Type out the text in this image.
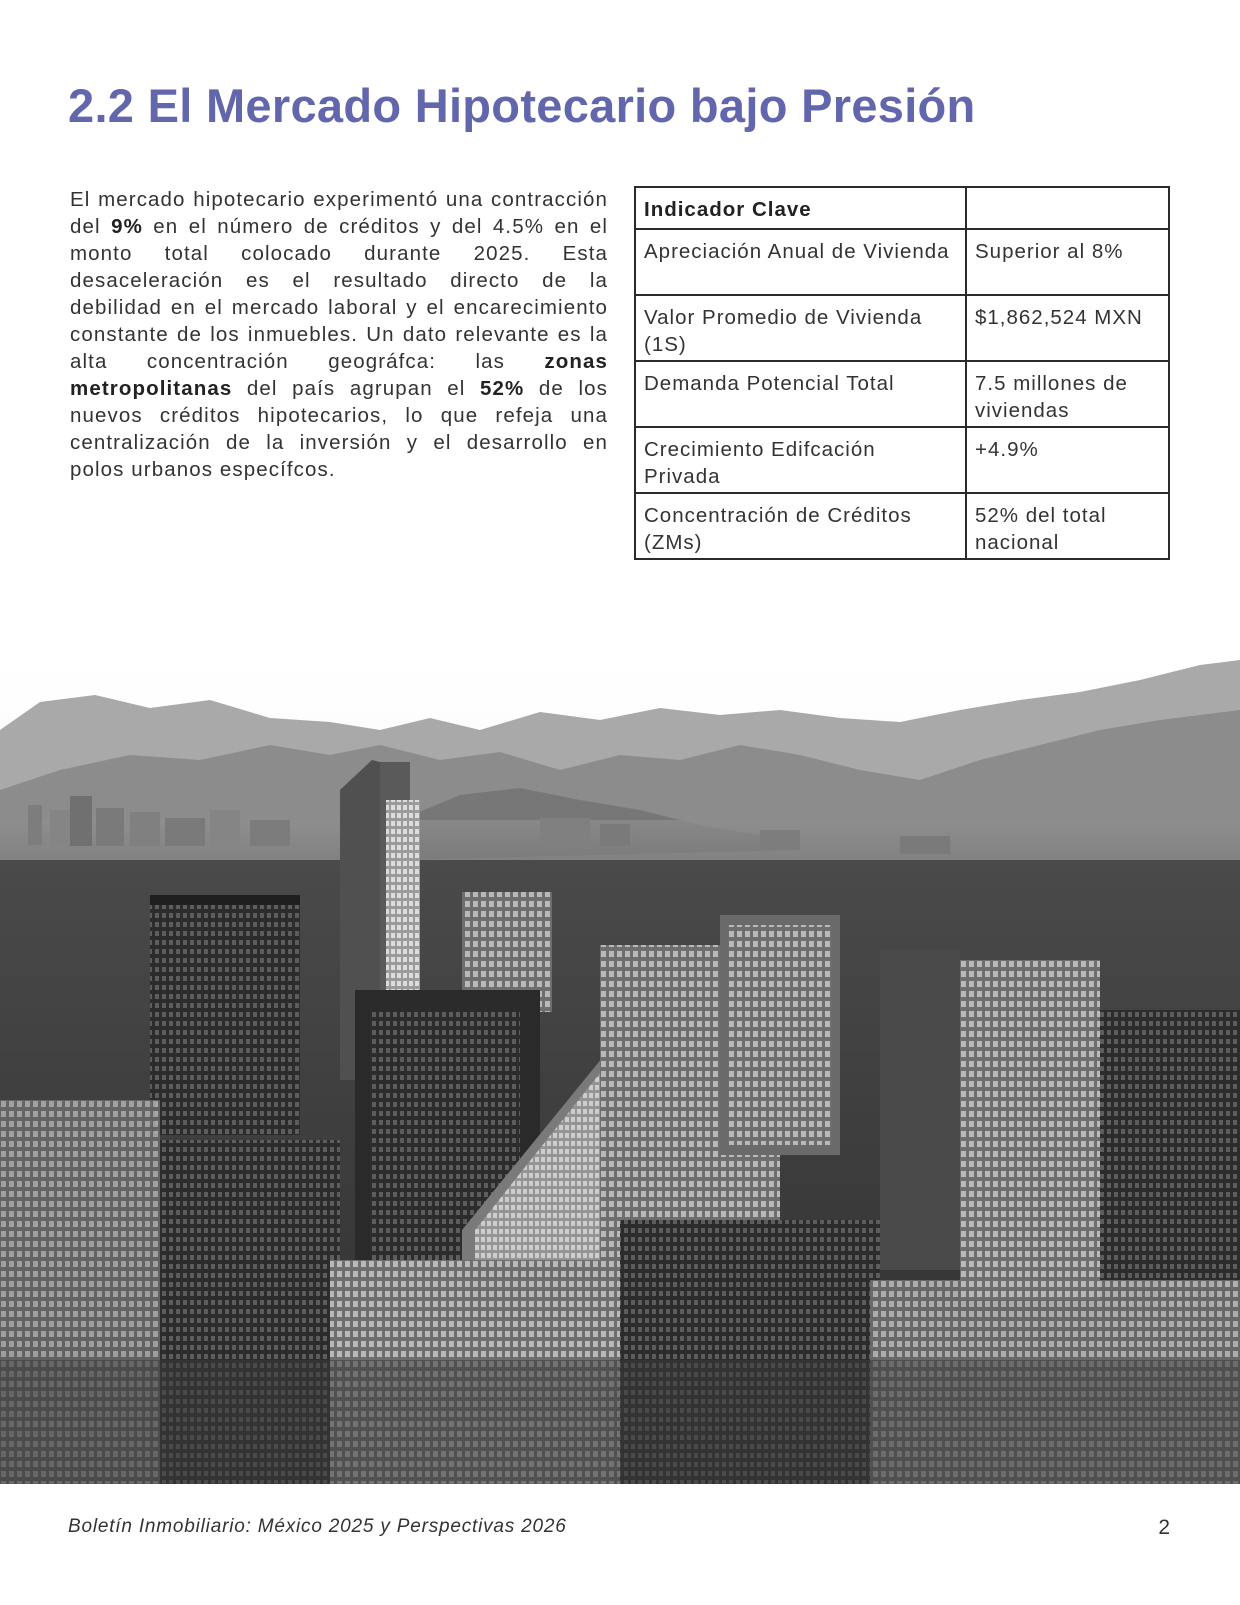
2.2 El Mercado Hipotecario bajo Presión

El mercado hipotecario experimentó una contracción del 9% en el número de créditos y del 4.5% en el monto total colocado durante 2025. Esta desaceleración es el resultado directo de la debilidad en el mercado laboral y el encarecimiento constante de los inmuebles. Un dato relevante es la alta concentración geográfca: las zonas metropolitanas del país agrupan el 52% de los nuevos créditos hipotecarios, lo que refeja una centralización de la inversión y el desarrollo en polos urbanos específcos.

Indicador Clave	
Apreciación Anual de Vivienda	Superior al 8%
Valor Promedio de Vivienda (1S)	$1,862,524 MXN
Demanda Potencial Total	7.5 millones de viviendas
Crecimiento Edifcación Privada	+4.9%
Concentración de Créditos (ZMs)	52% del total nacional
Boletín Inmobiliario: México 2025 y Perspectivas 2026	2
